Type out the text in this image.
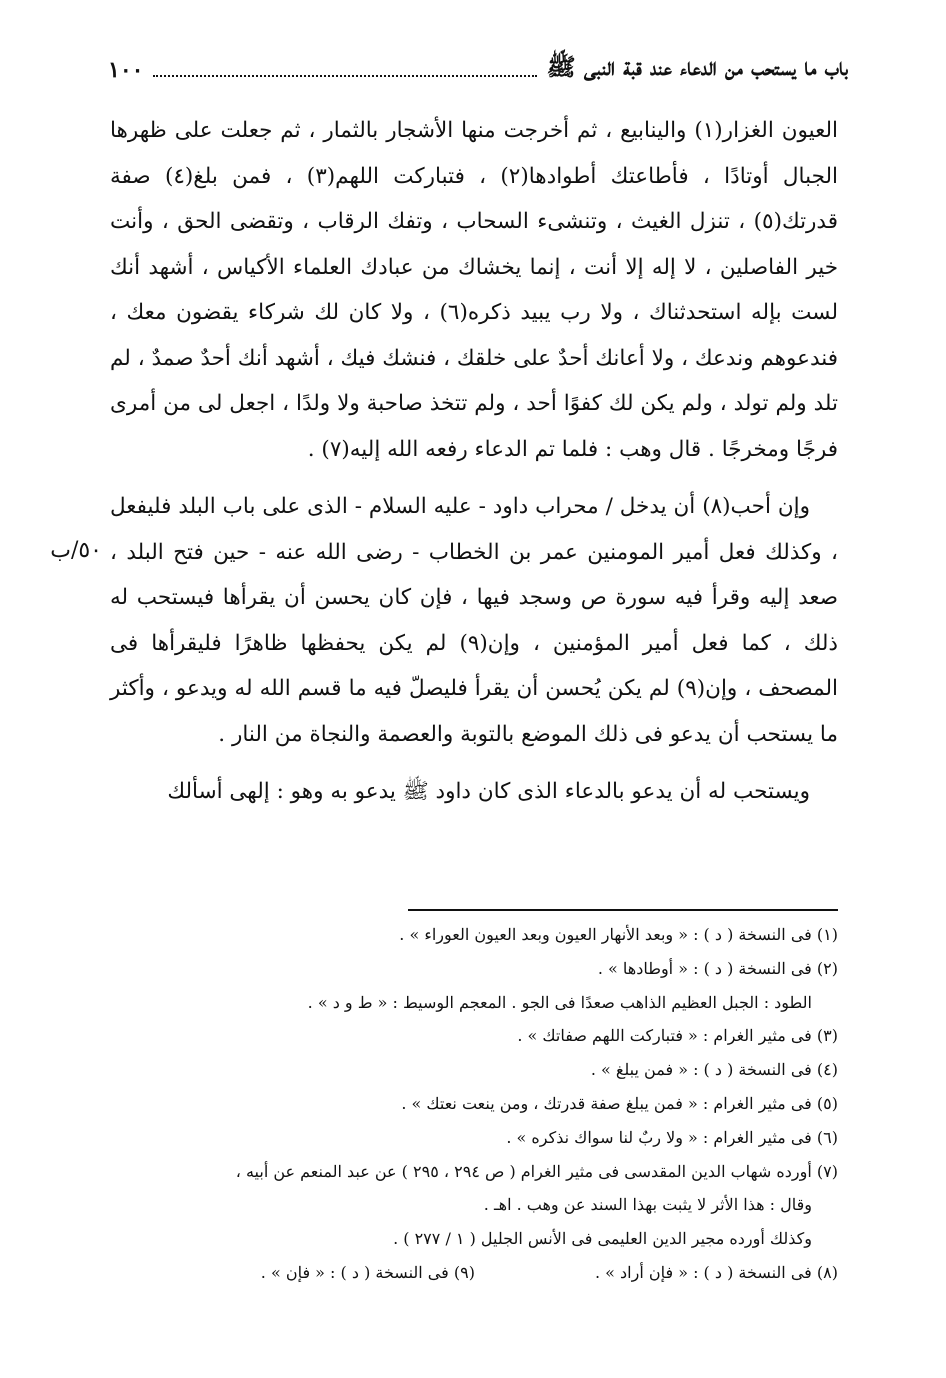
باب ما يستحب من الدعاء عند قبة النبى ﷺ
١٠٠
٥٠/ب

العيون الغزار(١) والينابيع ، ثم أخرجت منها الأشجار بالثمار ، ثم جعلت على ظهرها الجبال أوتادًا ، فأطاعتك أطوادها(٢) ، فتباركت اللهم(٣) ، فمن بلغ(٤) صفة قدرتك(٥) ، تنزل الغيث ، وتنشىء السحاب ، وتفك الرقاب ، وتقضى الحق ، وأنت خير الفاصلين ، لا إله إلا أنت ، إنما يخشاك من عبادك العلماء الأكياس ، أشهد أنك لست بإله استحدثناك ، ولا رب يبيد ذكره(٦) ، ولا كان لك شركاء يقضون معك ، فندعوهم وندعك ، ولا أعانك أحدٌ على خلقك ، فنشك فيك ، أشهد أنك أحدٌ صمدٌ ، لم تلد ولم تولد ، ولم يكن لك كفوًا أحد ، ولم تتخذ صاحبة ولا ولدًا ، اجعل لى من أمرى فرجًا ومخرجًا . قال وهب : فلما تم الدعاء رفعه الله إليه(٧) .

وإن أحب(٨) أن يدخل / محراب داود - عليه السلام - الذى على باب البلد فليفعل ، وكذلك فعل أمير المومنين عمر بن الخطاب - رضى الله عنه - حين فتح البلد ، صعد إليه وقرأ فيه سورة ص وسجد فيها ، فإن كان يحسن أن يقرأها فيستحب له ذلك ، كما فعل أمير المؤمنين ، وإن(٩) لم يكن يحفظها ظاهرًا فليقرأها فى المصحف ، وإن(٩) لم يكن يُحسن أن يقرأ فليصلّ فيه ما قسم الله له ويدعو ، وأكثر ما يستحب أن يدعو فى ذلك الموضع بالتوبة والعصمة والنجاة من النار .

ويستحب له أن يدعو بالدعاء الذى كان داود ﷺ يدعو به وهو : إلهى أسألك

(١) فى النسخة ( د ) : « وبعد الأنهار العيون وبعد العيون العوراء » .
(٢) فى النسخة ( د ) : « أوطادها » .
الطود : الجبل العظيم الذاهب صعدًا فى الجو . المعجم الوسيط : « ط و د » .
(٣) فى مثير الغرام : « فتباركت اللهم صفاتك » .
(٤) فى النسخة ( د ) : « فمن يبلغ » .
(٥) فى مثير الغرام : « فمن يبلغ صفة قدرتك ، ومن ينعت نعتك » .
(٦) فى مثير الغرام : « ولا ربٌ لنا سواك نذكره » .
(٧) أورده شهاب الدين المقدسى فى مثير الغرام ( ص ٢٩٤ ، ٢٩٥ ) عن عبد المنعم عن أبيه ،
وقال : هذا الأثر لا يثبت بهذا السند عن وهب . اهـ .
وكذلك أورده مجير الدين العليمى فى الأنس الجليل ( ١ / ٢٧٧ ) .
(٨) فى النسخة ( د ) : « فإن أراد » .
(٩) فى النسخة ( د ) : « فإن » .
